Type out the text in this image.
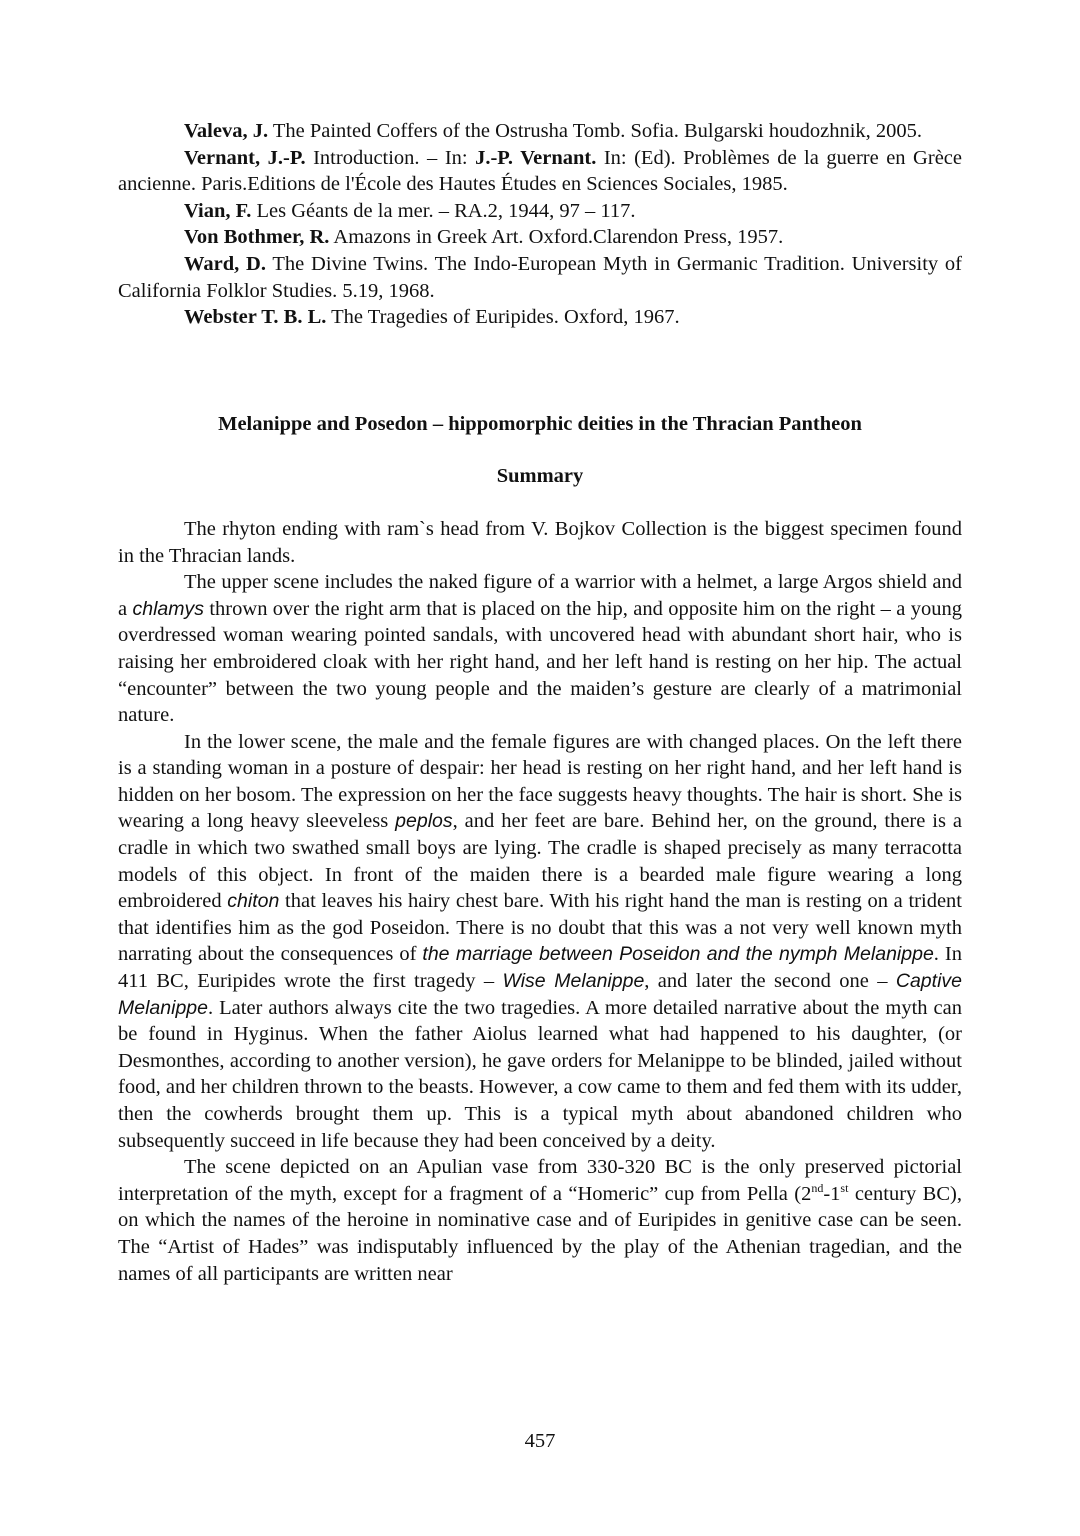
Valeva, J. The Painted Coffers of the Ostrusha Tomb. Sofia. Bulgarski houdozhnik, 2005.

Vernant, J.-P. Introduction. – In: J.-P. Vernant. In: (Ed). Problèmes de la guerre en Grèce ancienne. Paris.Editions de l'École des Hautes Études en Sciences Sociales, 1985.

Vian, F. Les Géants de la mer. – RA.2, 1944, 97 – 117.

Von Bothmer, R. Amazons in Greek Art. Oxford.Clarendon Press, 1957.

Ward, D. The Divine Twins. The Indo-European Myth in Germanic Tradition. University of California Folklor Studies. 5.19, 1968.

Webster T. B. L. The Tragedies of Euripides. Oxford, 1967.

Melanippe and Posedon – hippomorphic deities in the Thracian Pantheon

Summary

The rhyton ending with ram`s head from V. Bojkov Collection is the biggest specimen found in the Thracian lands.

The upper scene includes the naked figure of a warrior with a helmet, a large Argos shield and a chlamys thrown over the right arm that is placed on the hip, and opposite him on the right – a young overdressed woman wearing pointed sandals, with uncovered head with abundant short hair, who is raising her embroidered cloak with her right hand, and her left hand is resting on her hip. The actual “encounter” between the two young people and the maiden’s gesture are clearly of a matrimonial nature.

In the lower scene, the male and the female figures are with changed places. On the left there is a standing woman in a posture of despair: her head is resting on her right hand, and her left hand is hidden on her bosom. The expression on her the face suggests heavy thoughts. The hair is short. She is wearing a long heavy sleeveless peplos, and her feet are bare. Behind her, on the ground, there is a cradle in which two swathed small boys are lying. The cradle is shaped precisely as many terracotta models of this object. In front of the maiden there is a bearded male figure wearing a long embroidered chiton that leaves his hairy chest bare. With his right hand the man is resting on a trident that identifies him as the god Poseidon. There is no doubt that this was a not very well known myth narrating about the consequences of the marriage between Poseidon and the nymph Melanippe. In 411 BC, Euripides wrote the first tragedy – Wise Melanippe, and later the second one – Captive Melanippe. Later authors always cite the two tragedies. A more detailed narrative about the myth can be found in Hyginus. When the father Aiolus learned what had happened to his daughter, (or Desmonthes, according to another version), he gave orders for Melanippe to be blinded, jailed without food, and her children thrown to the beasts. However, a cow came to them and fed them with its udder, then the cowherds brought them up. This is a typical myth about abandoned children who subsequently succeed in life because they had been conceived by a deity.

The scene depicted on an Apulian vase from 330-320 BC is the only preserved pictorial interpretation of the myth, except for a fragment of a “Homeric” cup from Pella (2nd-1st century BC), on which the names of the heroine in nominative case and of Euripides in genitive case can be seen. The “Artist of Hades” was indisputably influenced by the play of the Athenian tragedian, and the names of all participants are written near

457
